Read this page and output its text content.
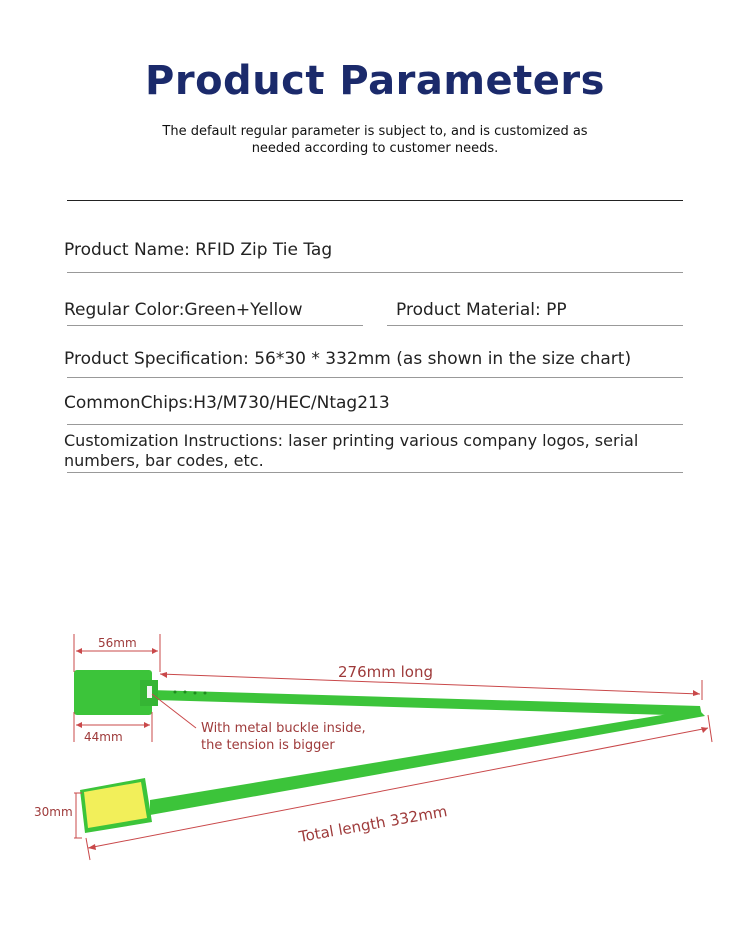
Product Parameters
The default regular parameter is subject to, and is customized as needed according to customer needs.
Product Name: RFID Zip Tie Tag
Regular Color:Green+Yellow	Product Material: PP
Product Specification: 56*30 * 332mm (as shown in the size chart)
CommonChips:H3/M730/HEC/Ntag213
Customization Instructions: laser printing various company logos, serial numbers, bar codes, etc.
56mm
44mm
276mm long
With metal buckle inside,
the tension is bigger
30mm	Total length 332mm
